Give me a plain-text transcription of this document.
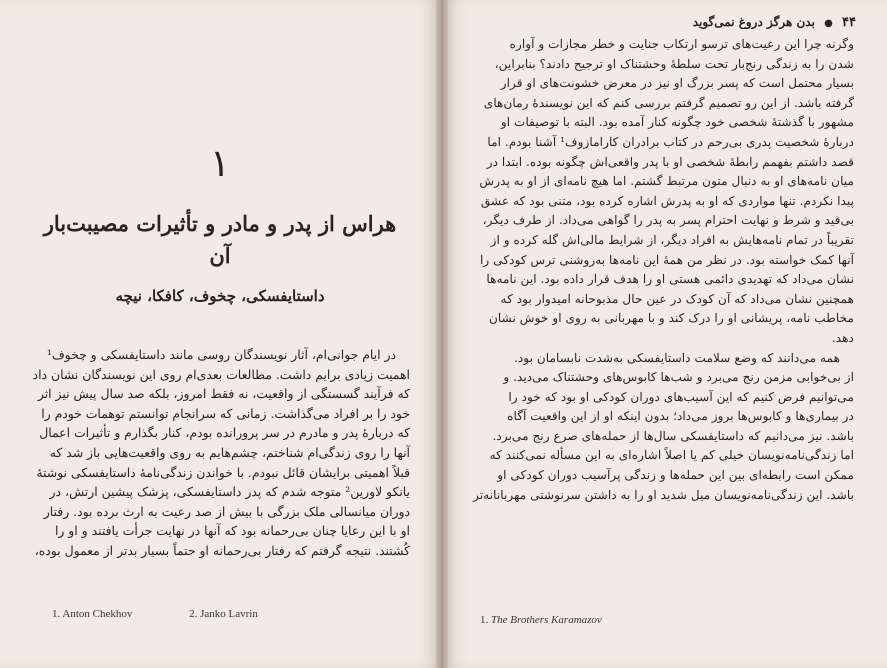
۱
هراس از پدر و مادر و تأثیرات مصیبت‌بار آن
داستایفسکی، چخوف، کافکا، نیچه
در ایام جوانی‌ام، آثار نویسندگان روسی مانند داستایفسکی و چخوف¹
اهمیت زیادی برایم داشت. مطالعات بعدی‌ام روی این نویسندگان نشان داد
که فرآیند گسستگی از واقعیت، نه فقط امروز، بلکه صد سال پیش نیز اثر
خود را بر افراد می‌گذاشت. زمانی که سرانجام توانستم توهمات خودم را
که دربارهٔ پدر و مادرم در سر پرورانده بودم، کنار بگذارم و تأثیرات اعمال
آنها را روی زندگی‌ام شناختم، چشم‌هایم به روی واقعیت‌هایی باز شد که
قبلاً اهمیتی برایشان قائل نبودم. با خواندن زندگی‌نامهٔ داستایفسکی نوشتهٔ
یانکو لاورین² متوجه شدم که پدر داستایفسکی، پزشک پیشین ارتش، در
دوران میانسالی ملک بزرگی با بیش از صد رعیت به ارث برده بود. رفتار
او با این رعایا چنان بی‌رحمانه بود که آنها در نهایت جرأت یافتند و او را
کُشتند. نتیجه گرفتم که رفتار بی‌رحمانه او حتماً بسیار بدتر از معمول بوده،
1. Anton Chekhov	2. Janko Lavrin
۴۴ ● بدن هرگز دروغ نمی‌گوید
وگرنه چرا این رعیت‌های ترسو ارتکاب جنایت و خطر مجازات و آواره
شدن را به زندگی رنج‌بار تحت سلطهٔ وحشتناک او ترجیح دادند؟ بنابراین،
بسیار محتمل است که پسر بزرگ او نیز در معرض خشونت‌های او قرار
گرفته باشد. از این رو تصمیم گرفتم بررسی کنم که این نویسندهٔ رمان‌های
مشهور با گذشتهٔ شخصی خود چگونه کنار آمده بود. البته با توصیفات او
دربارهٔ شخصیت پدری بی‌رحم در کتاب برادران کارامازوف¹ آشنا بودم. اما
قصد داشتم بفهمم رابطهٔ شخصی او با پدر واقعی‌اش چگونه بوده. ابتدا در
میان نامه‌های او به دنبال متون مرتبط گشتم. اما هیچ نامه‌ای از او به پدرش
پیدا نکردم. تنها مواردی که او به پدرش اشاره کرده بود، متنی بود که عشق
بی‌قید و شرط و نهایت احترام پسر به پدر را گواهی می‌داد. از طرف دیگر،
تقریباً در تمام نامه‌هایش به افراد دیگر، از شرایط مالی‌اش گله کرده و از
آنها کمک خواسته بود. در نظر من همهٔ این نامه‌ها به‌روشنی ترس کودکی را
نشان می‌داد که تهدیدی دائمی هستی او را هدف قرار داده بود. این نامه‌ها
همچنین نشان می‌داد که آن کودک در عین حال مذبوحانه امیدوار بود که
مخاطب نامه، پریشانی او را درک کند و با مهربانی به روی او خوش نشان
دهد.
همه می‌دانند که وضع سلامت داستایفسکی به‌شدت نابسامان بود.
از بی‌خوابی مزمن رنج می‌برد و شب‌ها کابوس‌های وحشتناک می‌دید. و
می‌توانیم فرض کنیم که این آسیب‌های دوران کودکی او بود که خود را
در بیماری‌ها و کابوس‌ها بروز می‌داد؛ بدون اینکه او از این واقعیت آگاه
باشد. نیز می‌دانیم که داستایفسکی سال‌ها از حمله‌های صرع رنج می‌برد.
اما زندگی‌نامه‌نویسان خیلی کم یا اصلاً اشاره‌ای به این مسأله نمی‌کنند که
ممکن است رابطه‌ای بین این حمله‌ها و زندگی پرآسیب دوران کودکی او
باشد. این زندگی‌نامه‌نویسان میل شدید او را به داشتن سرنوشتی مهربانانه‌تر
1. The Brothers Karamazov
